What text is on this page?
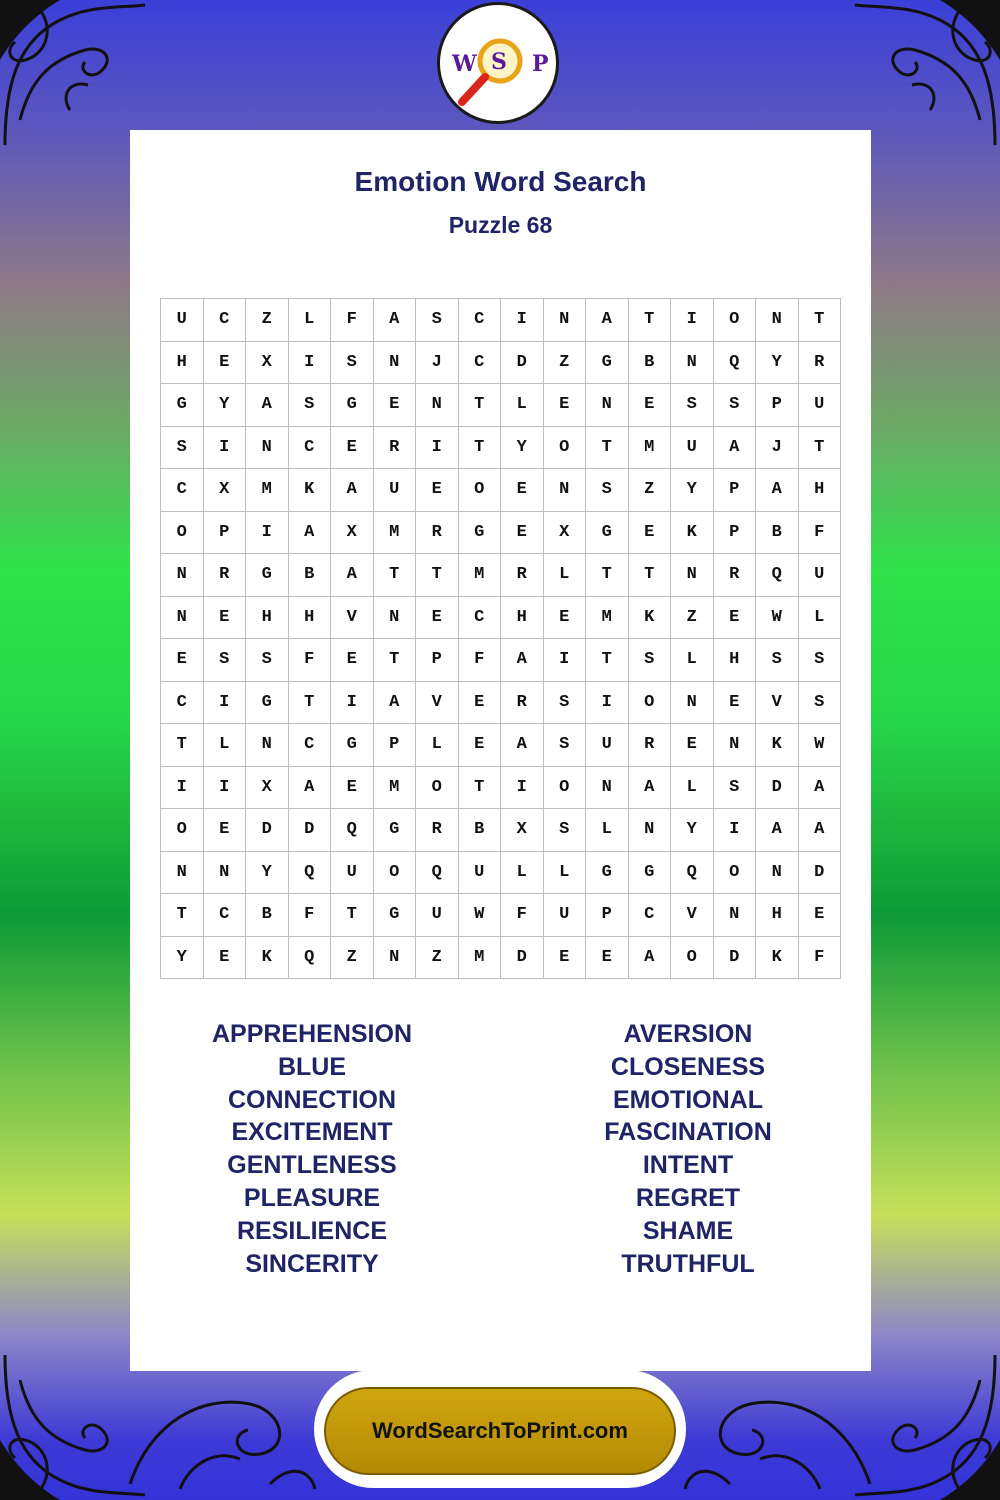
W S P
Emotion Word Search
Puzzle 68
U	C	Z	L	F	A	S	C	I	N	A	T	I	O	N	T
H	E	X	I	S	N	J	C	D	Z	G	B	N	Q	Y	R
G	Y	A	S	G	E	N	T	L	E	N	E	S	S	P	U
S	I	N	C	E	R	I	T	Y	O	T	M	U	A	J	T
C	X	M	K	A	U	E	O	E	N	S	Z	Y	P	A	H
O	P	I	A	X	M	R	G	E	X	G	E	K	P	B	F
N	R	G	B	A	T	T	M	R	L	T	T	N	R	Q	U
N	E	H	H	V	N	E	C	H	E	M	K	Z	E	W	L
E	S	S	F	E	T	P	F	A	I	T	S	L	H	S	S
C	I	G	T	I	A	V	E	R	S	I	O	N	E	V	S
T	L	N	C	G	P	L	E	A	S	U	R	E	N	K	W
I	I	X	A	E	M	O	T	I	O	N	A	L	S	D	A
O	E	D	D	Q	G	R	B	X	S	L	N	Y	I	A	A
N	N	Y	Q	U	O	Q	U	L	L	G	G	Q	O	N	D
T	C	B	F	T	G	U	W	F	U	P	C	V	N	H	E
Y	E	K	Q	Z	N	Z	M	D	E	E	A	O	D	K	F
APPREHENSION
BLUE
CONNECTION
EXCITEMENT
GENTLENESS
PLEASURE
RESILIENCE
SINCERITY
AVERSION
CLOSENESS
EMOTIONAL
FASCINATION
INTENT
REGRET
SHAME
TRUTHFUL
WordSearchToPrint.com
